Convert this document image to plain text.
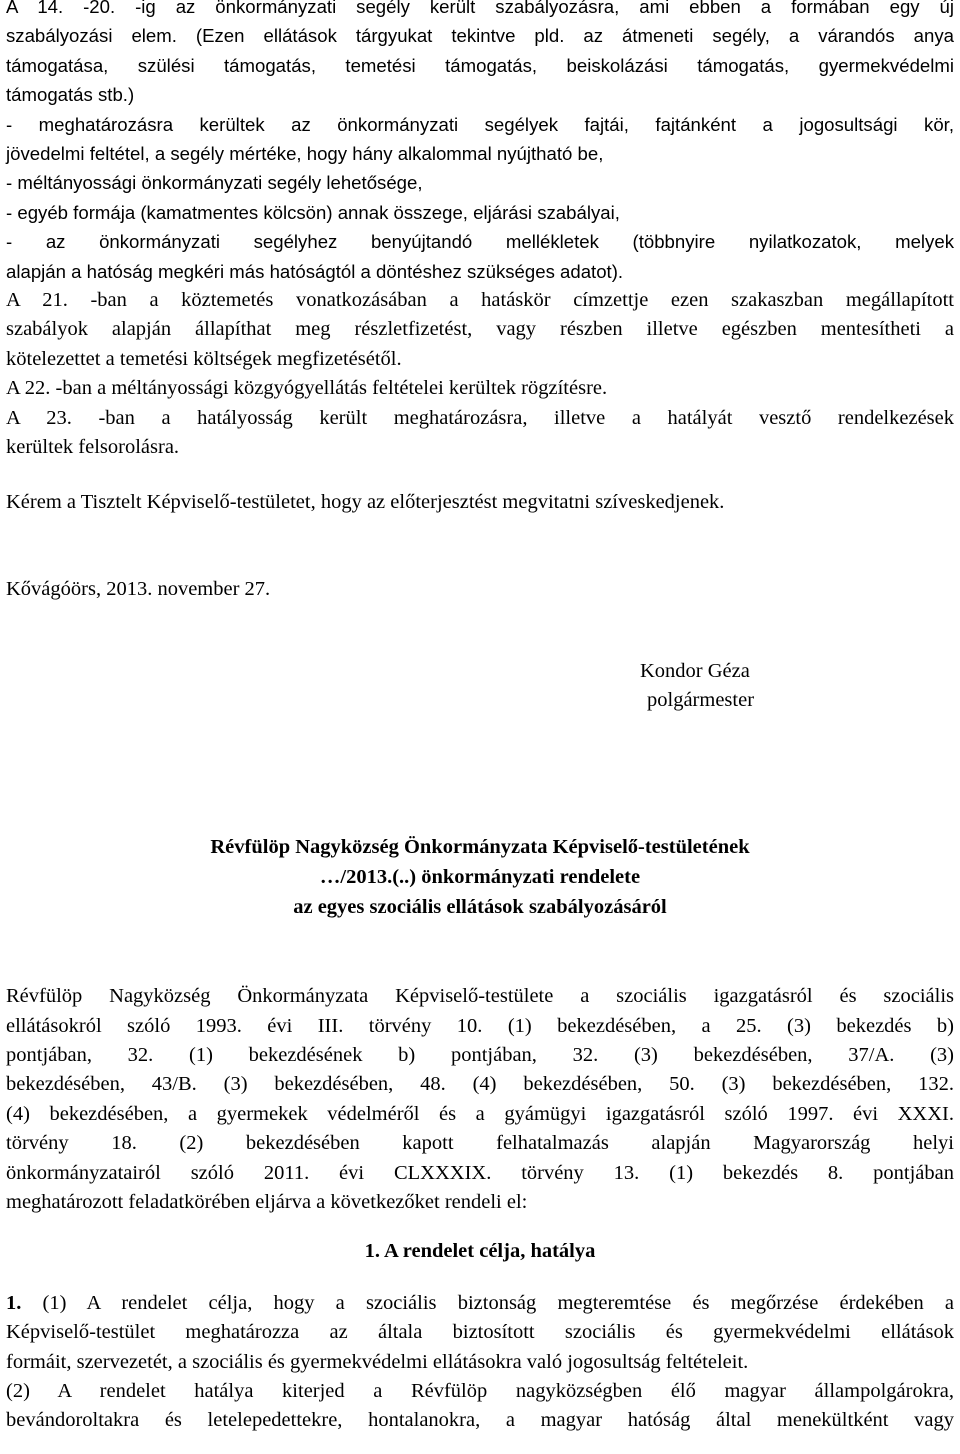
A 14. -20. -ig az önkormányzati segély került szabályozásra, ami ebben a formában egy új
szabályozási elem. (Ezen ellátások tárgyukat tekintve pld. az átmeneti segély, a várandós anya
támogatása, szülési támogatás, temetési támogatás, beiskolázási támogatás, gyermekvédelmi
támogatás stb.)

- meghatározásra kerültek az önkormányzati segélyek fajtái, fajtánként a jogosultsági kör,
jövedelmi feltétel, a segély mértéke, hogy hány alkalommal nyújtható be,
- méltányossági önkormányzati segély lehetősége,
- egyéb formája (kamatmentes kölcsön) annak összege, eljárási szabályai,
- az önkormányzati segélyhez benyújtandó mellékletek (többnyire nyilatkozatok, melyek
alapján a hatóság megkéri más hatóságtól a döntéshez szükséges adatot).

A 21. -ban a köztemetés vonatkozásában a hatáskör címzettje ezen szakaszban megállapított
szabályok alapján állapíthat meg részletfizetést, vagy részben illetve egészben mentesítheti a
kötelezettet a temetési költségek megfizetésétől.

A 22. -ban a méltányossági közgyógyellátás feltételei kerültek rögzítésre.

A 23. -ban a hatályosság került meghatározásra, illetve a hatályát vesztő rendelkezések
kerültek felsorolásra.

Kérem a Tisztelt Képviselő-testületet, hogy az előterjesztést megvitatni szíveskedjenek.

Kővágóörs, 2013. november 27.

Kondor Géza
polgármester
Révfülöp Nagyközség Önkormányzata Képviselő-testületének
…/2013.(..) önkormányzati rendelete
az egyes szociális ellátások szabályozásáról

Révfülöp Nagyközség Önkormányzata Képviselő-testülete a szociális igazgatásról és szociális
ellátásokról szóló 1993. évi III. törvény 10. (1) bekezdésében, a 25. (3) bekezdés b)
pontjában, 32. (1) bekezdésének b) pontjában, 32. (3) bekezdésében, 37/A. (3)
bekezdésében, 43/B. (3) bekezdésében, 48. (4) bekezdésében, 50. (3) bekezdésében, 132.
(4) bekezdésében, a gyermekek védelméről és a gyámügyi igazgatásról szóló 1997. évi XXXI.
törvény 18. (2) bekezdésében kapott felhatalmazás alapján Magyarország helyi
önkormányzatairól szóló 2011. évi CLXXXIX. törvény 13. (1) bekezdés 8. pontjában
meghatározott feladatkörében eljárva a következőket rendeli el:

1. A rendelet célja, hatálya

1. (1) A rendelet célja, hogy a szociális biztonság megteremtése és megőrzése érdekében a
Képviselő-testület meghatározza az általa biztosított szociális és gyermekvédelmi ellátások
formáit, szervezetét, a szociális és gyermekvédelmi ellátásokra való jogosultság feltételeit.
(2) A rendelet hatálya kiterjed a Révfülöp nagyközségben élő magyar állampolgárokra,
bevándoroltakra és letelepedettekre, hontalanokra, a magyar hatóság által menekültként vagy
